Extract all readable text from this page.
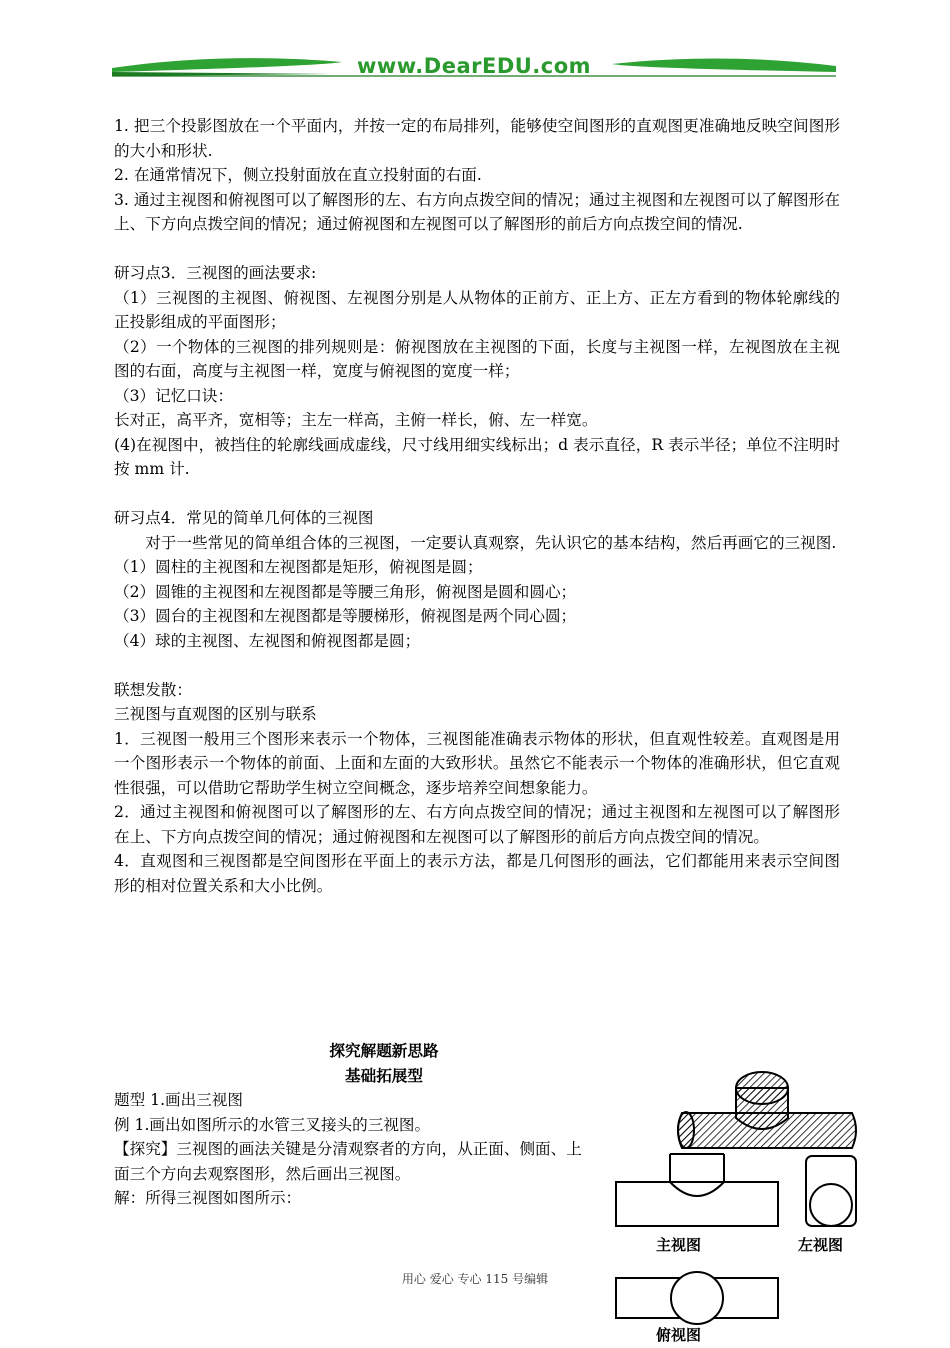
www.DearEDU.com

1. 把三个投影图放在一个平面内，并按一定的布局排列，能够使空间图形的直观图更准确地反映空间图形的大小和形状.

2. 在通常情况下，侧立投射面放在直立投射面的右面.

3. 通过主视图和俯视图可以了解图形的左、右方向点拨空间的情况；通过主视图和左视图可以了解图形在上、下方向点拨空间的情况；通过俯视图和左视图可以了解图形的前后方向点拨空间的情况.

研习点3．三视图的画法要求:

（1）三视图的主视图、俯视图、左视图分别是人从物体的正前方、正上方、正左方看到的物体轮廓线的正投影组成的平面图形；

（2）一个物体的三视图的排列规则是：俯视图放在主视图的下面，长度与主视图一样，左视图放在主视图的右面，高度与主视图一样，宽度与俯视图的宽度一样；

（3）记忆口诀：

长对正，高平齐，宽相等；主左一样高，主俯一样长，俯、左一样宽。

(4)在视图中，被挡住的轮廓线画成虚线，尺寸线用细实线标出；d 表示直径，R 表示半径；单位不注明时按 mm 计.

研习点4．常见的简单几何体的三视图

对于一些常见的简单组合体的三视图，一定要认真观察，先认识它的基本结构，然后再画它的三视图.

（1）圆柱的主视图和左视图都是矩形，俯视图是圆；

（2）圆锥的主视图和左视图都是等腰三角形，俯视图是圆和圆心；

（3）圆台的主视图和左视图都是等腰梯形，俯视图是两个同心圆；

（4）球的主视图、左视图和俯视图都是圆；

联想发散：

三视图与直观图的区别与联系

1．三视图一般用三个图形来表示一个物体，三视图能准确表示物体的形状，但直观性较差。直观图是用一个图形表示一个物体的前面、上面和左面的大致形状。虽然它不能表示一个物体的准确形状，但它直观性很强，可以借助它帮助学生树立空间概念，逐步培养空间想象能力。

2．通过主视图和俯视图可以了解图形的左、右方向点拨空间的情况；通过主视图和左视图可以了解图形在上、下方向点拨空间的情况；通过俯视图和左视图可以了解图形的前后方向点拨空间的情况。

4．直观图和三视图都是空间图形在平面上的表示方法，都是几何图形的画法，它们都能用来表示空间图形的相对位置关系和大小比例。

探究解题新思路

基础拓展型

题型 1.画出三视图

例 1.画出如图所示的水管三叉接头的三视图。

【探究】三视图的画法关键是分清观察者的方向，从正面、侧面、上面三个方向去观察图形，然后画出三视图。

解：所得三视图如图所示：

主视图	左视图
俯视图
用心 爱心 专心 115 号编辑
